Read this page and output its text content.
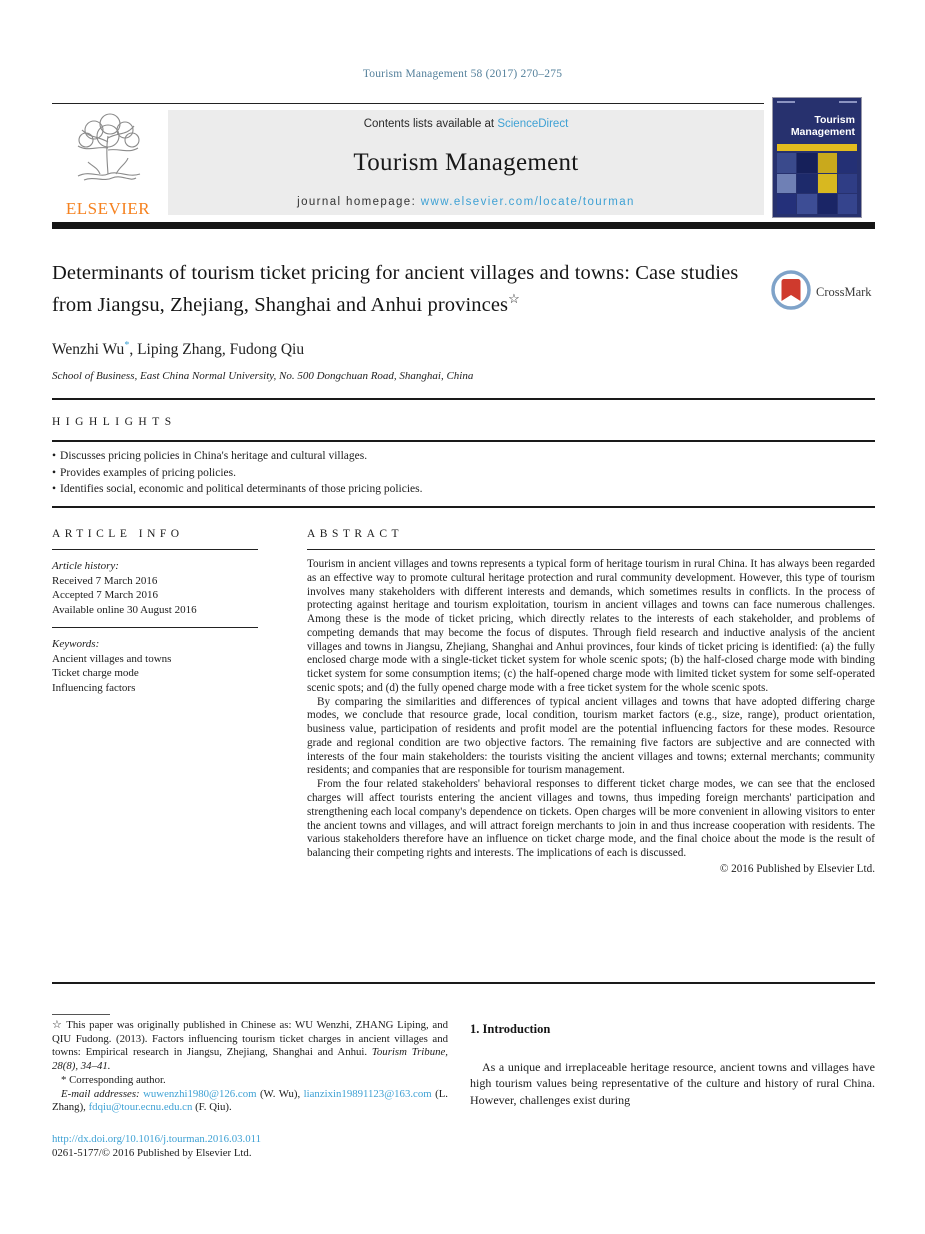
Tourism Management 58 (2017) 270–275
ELSEVIER
Contents lists available at ScienceDirect
Tourism Management
journal homepage: www.elsevier.com/locate/tourman
Tourism Management
Determinants of tourism ticket pricing for ancient villages and towns: Case studies from Jiangsu, Zhejiang, Shanghai and Anhui provinces☆	CrossMark
Wenzhi Wu*, Liping Zhang, Fudong Qiu
School of Business, East China Normal University, No. 500 Dongchuan Road, Shanghai, China
HIGHLIGHTS
• Discusses pricing policies in China's heritage and cultural villages.
• Provides examples of pricing policies.
• Identifies social, economic and political determinants of those pricing policies.
ARTICLE INFO
Article history:
Received 7 March 2016
Accepted 7 March 2016
Available online 30 August 2016
Keywords:
Ancient villages and towns
Ticket charge mode
Influencing factors
ABSTRACT

Tourism in ancient villages and towns represents a typical form of heritage tourism in rural China. It has always been regarded as an effective way to promote cultural heritage protection and rural community development. However, this type of tourism involves many stakeholders with different interests and demands, which sometimes results in conflicts. In the process of protecting against heritage and tourism exploitation, tourism in ancient villages and towns can face numerous challenges. Among these is the mode of ticket pricing, which directly relates to the interests of each stakeholder, and problems of competing demands that may become the focus of disputes. Through field research and inductive analysis of the ancient villages and towns in Jiangsu, Zhejiang, Shanghai and Anhui provinces, four kinds of ticket pricing is identified: (a) the fully enclosed charge mode with a single-ticket ticket system for whole scenic spots; (b) the half-closed charge mode with binding ticket system for some consumption items; (c) the half-opened charge mode with limited ticket system for some self-operated scenic spots; and (d) the fully opened charge mode with a free ticket system for the whole scenic spots.

By comparing the similarities and differences of typical ancient villages and towns that have adopted differing charge modes, we conclude that resource grade, local condition, tourism market factors (e.g., size, range), product orientation, business value, participation of residents and profit model are the potential influencing factors for these modes. Resource grade and regional condition are two objective factors. The remaining five factors are subjective and are connected with interests of the four main stakeholders: the tourists visiting the ancient villages and towns; external merchants; community residents; and companies that are responsible for tourism management.

From the four related stakeholders' behavioral responses to different ticket charge modes, we can see that the enclosed charges will affect tourists entering the ancient villages and towns, thus impeding foreign merchants' participation and strengthening each local company's dependence on tickets. Open charges will be more convenient in allowing visitors to enter the ancient towns and villages, and will attract foreign merchants to join in and thus increase cooperation with residents. The various stakeholders therefore have an influence on ticket charge mode, and the final choice about the mode is the result of balancing their competing rights and interests. The implications of each is discussed.

© 2016 Published by Elsevier Ltd.

☆ This paper was originally published in Chinese as: WU Wenzhi, ZHANG Liping, and QIU Fudong. (2013). Factors influencing tourism ticket charges in ancient villages and towns: Empirical research in Jiangsu, Zhejiang, Shanghai and Anhui. Tourism Tribune, 28(8), 34–41.

* Corresponding author.

E-mail addresses: wuwenzhi1980@126.com (W. Wu), lianzixin19891123@163.com (L. Zhang), fdqiu@tour.ecnu.edu.cn (F. Qiu).

http://dx.doi.org/10.1016/j.tourman.2016.03.011

0261-5177/© 2016 Published by Elsevier Ltd.

1. Introduction
As a unique and irreplaceable heritage resource, ancient towns and villages have high tourism values being representative of the culture and history of rural China. However, challenges exist during
